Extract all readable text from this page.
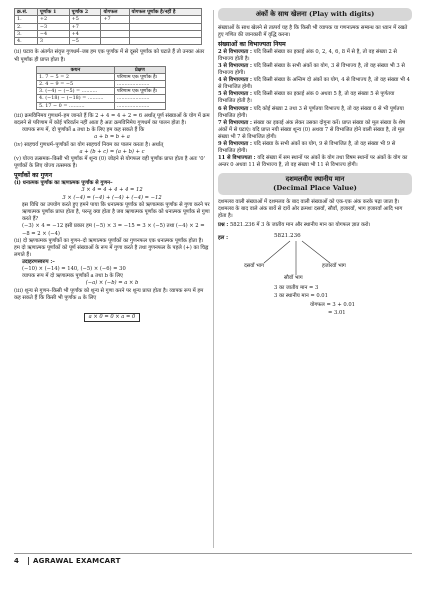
क्र.सं.	पूर्णांक 1	पूर्णांक 2	योगफल	योगफल पूर्णांक है/नहीं है
1.	+2	+5	+7	
2.	−3	+7		
3.	−4	+4		
4.	3	−5		

(ii) घटाव के अंतर्गत संवृत्त गुणधर्म–जब हम एक पूर्णांक में से दूसरे पूर्णांक को घटाते हैं तो उनका अंतर भी पूर्णांक ही प्राप्त होता है।

कथन	प्रेक्षण
1. 7 − 5 = 2	परिणाम एक पूर्णांक है।
2. 4 − 9 = −5	.....................
3. (−4) − (−5) = ..........	परिणाम एक पूर्णांक है।
4. (−18) − (−18) = ..........	.....................
5. 17 − 0 = ..........	.....................

(iii) क्रमविनिमय गुणधर्म–हम जानते हैं कि 2 + 4 = 4 + 2 = 6 अर्थात् पूर्ण संख्याओं के योग में क्रम बदलने से परिणाम में कोई परिवर्तन नहीं आता है अतः क्रमविनिमेय गुणधर्म का पालन होता है।

व्यापक रूप में, दो पूर्णांकों a तथा b के लिए हम कह सकते हैं कि

a + b = b + a

(iv) साहचर्य गुणधर्म–पूर्णांकों का योग साहचर्य नियम का पालन करता है। अर्थात्

a + (b + c) = (a + b) + c

(v) योज्य तत्समक–किसी भी पूर्णांक में शून्य (0) जोड़ने से योगफल वही पूर्णांक प्राप्त होता है अतः '0' पूर्णांकों के लिए योज्य तत्समक है।

पूर्णांकों का गुणन

(i) धनात्मक पूर्णांक का ऋणात्मक पूर्णांक से गुणन–

3 × 4 = 4 + 4 + 4 = 12

3 × (−4) = (−4) + (−4) + (−4) = −12

इस विधि का उपयोग करते हुए हमने पाया कि धनात्मक पूर्णांक को ऋणात्मक पूर्णांक से गुणा करने पर ऋणात्मक पूर्णांक प्राप्त होता है, परन्तु क्या होता है जब ऋणात्मक पूर्णांक को धनात्मक पूर्णांक से गुणा करते हैं?

(−3) × 4 = −12 इसी प्रकार हम (−5) × 3 = −15 = 3 × (−5) तथा (−4) × 2 = −8 = 2 × (−4)

(ii) दो ऋणात्मक पूर्णांकों का गुणन–दो ऋणात्मक पूर्णांकों का गुणनफल एक धनात्मक पूर्णांक होता है। हम दो ऋणात्मक पूर्णांकों को पूर्ण संख्याओं के रूप में गुणा करते है तथा गुणनफल के पहले (+) का चिह्न लगाते हैं।

उदाहरणस्वरुप :–

(−10) × (−14) = 140, (−5) × (−6) = 30

व्यापक रूप में दो ऋणात्मक पूर्णांकों a तथा b के लिए

(−a) × (−b) = a × b

(iii) शून्य से गुणन–किसी भी पूर्णांक को शून्य से गुणा करने पर शून्य प्राप्त होता है। व्यापक रूप में हम कह सकते हैं कि किसी भी पूर्णांक a के लिए

a × 0 = 0 × a = 0
अंकों के साथ खेलना (Play with digits)

संख्याओं के साथ खेलने से तात्पर्य यह है कि किसी भी व्यापक या गणनात्मक सम्बन्ध का ध्यान में रखते हुए गणित की जानकारी में वृद्धि करना।

संख्याओं का विभाज्यता नियम

2 से विभाज्यता : यदि किसी संख्या का इकाई अंक 0, 2, 4, 6, 8 में से है, तो वह संख्या 2 से विभाज्य होती है।

3 से विभाज्यता : यदि किसी संख्या के सभी अंकों का योग, 3 से विभाज्य है, तो वह संख्या भी 3 से विभाज्य होगी।

4 से विभाज्यता : यदि किसी संख्या के अन्तिम दो अंकों का योग, 4 से विभाज्य है, तो वह संख्या भी 4 से विभाजित होगी।

5 से विभाज्यता : यदि किसी संख्या का इकाई अंक 0 अथवा 5 है, तो वह संख्या 5 से पूर्णतया विभाजित होती है।

6 से विभाज्यता : यदि कोई संख्या 2 तथा 3 से पूर्णतया विभाज्य है, तो वह संख्या 6 से भी पूर्णतया विभाजित होगी।

7 से विभाज्यता : संख्या का इकाई अंक लेकर उसका दोगुना करें। प्राप्त संख्या को मूल संख्या के शेष अंकों में से घटाएं। यदि प्राप्त नयी संख्या शून्य (0) अथवा 7 से विभाजित होने वाली संख्या है, तो मूल संख्या भी 7 से विभाजित होगी।

9 से विभाज्यता : यदि संख्या के सभी अंकों का योग, 9 से विभाजित है, तो वह संख्या भी 9 से विभाजित होगी।

11 से विभाज्यता : यदि संख्या में सम स्थानों पर अंकों के योग तथा विषम स्थानों पर अंकों के योग का अन्तर 0 अथवा 11 से विभाज्य है, तो वह संख्या भी 11 से विभाज्य होगी।

दशमलवीय स्थानीय मान
(Decimal Place Value)

दशमलव वाली संख्याओं में दशमलव के बाद वाली संख्याओं को एक-एक अंक करके पढ़ा जाता है। दशमलव के बाद वाले अंक बायें से दायें ओर क्रमशः दसवाँ, सौवाँ, हजारवाँ, भाग हजारवाँ आदि भाग होता है।

प्रश्न : 5821.236 में 3 के जातीय मान और स्थानीय मान का योगफल ज्ञात करो।

हल :	5821.236
दसवाँ भाग
सौवाँ भाग
हजारवाँ भाग
3 का जातीय मान = 3
3 का स्थानीय मान = 0.01
योगफल = 3 + 0.01
= 3.01
4	AGRAWAL EXAMCART
